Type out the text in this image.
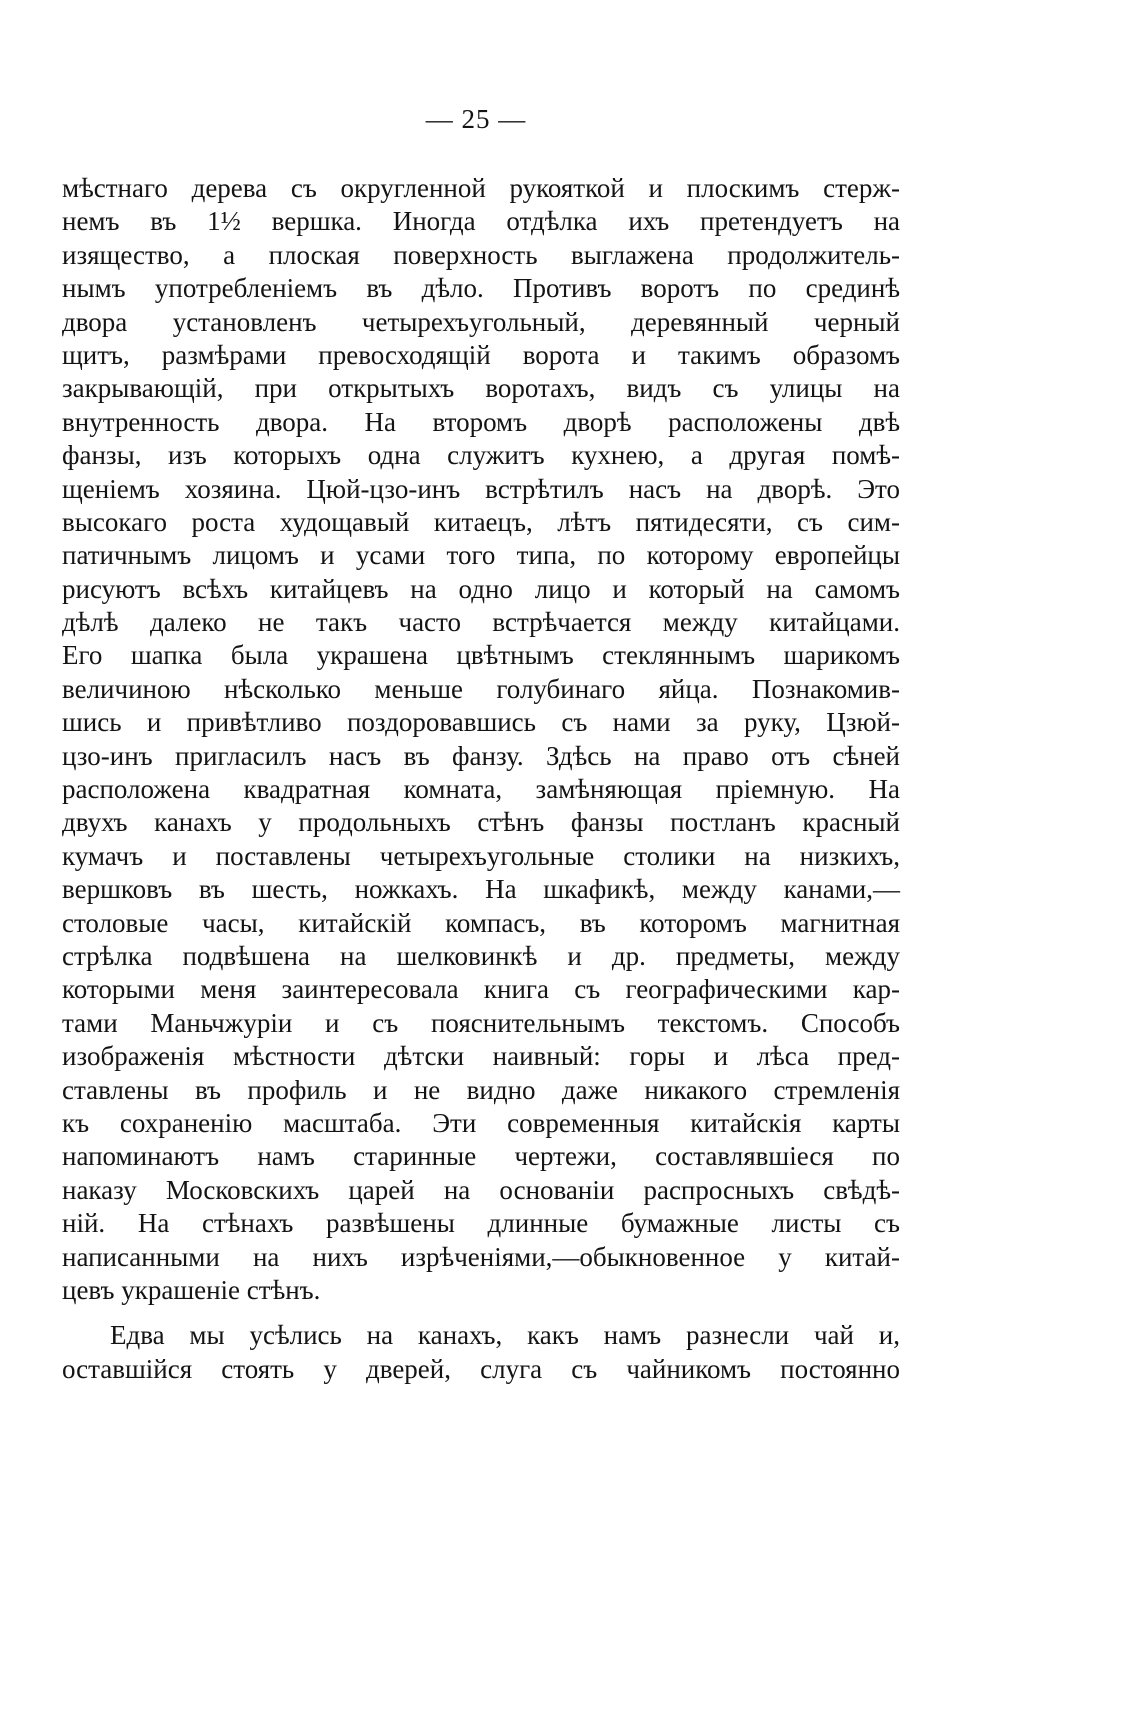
— 25 —
мѣстнаго дерева съ округленной рукояткой и плоскимъ стерж-
немъ въ 1½ вершка. Иногда отдѣлка ихъ претендуетъ на
изящество, а плоская поверхность выглажена продолжитель-
нымъ употребленіемъ въ дѣло. Противъ воротъ по срединѣ
двора установленъ четырехъугольный, деревянный черный
щитъ, размѣрами превосходящій ворота и такимъ образомъ
закрывающій, при открытыхъ воротахъ, видъ съ улицы на
внутренность двора. На второмъ дворѣ расположены двѣ
фанзы, изъ которыхъ одна служитъ кухнею, а другая помѣ-
щеніемъ хозяина. Цюй-цзо-инъ встрѣтилъ насъ на дворѣ. Это
высокаго роста худощавый китаецъ, лѣтъ пятидесяти, съ сим-
патичнымъ лицомъ и усами того типа, по которому европейцы
рисуютъ всѣхъ китайцевъ на одно лицо и который на самомъ
дѣлѣ далеко не такъ часто встрѣчается между китайцами.
Его шапка была украшена цвѣтнымъ стекляннымъ шарикомъ
величиною нѣсколько меньше голубинаго яйца. Познакомив-
шись и привѣтливо поздоровавшись съ нами за руку, Цзюй-
цзо-инъ пригласилъ насъ въ фанзу. Здѣсь на право отъ сѣней
расположена квадратная комната, замѣняющая пріемную. На
двухъ канахъ у продольныхъ стѣнъ фанзы постланъ красный
кумачъ и поставлены четырехъугольные столики на низкихъ,
вершковъ въ шесть, ножкахъ. На шкафикѣ, между канами,—
столовые часы, китайскій компасъ, въ которомъ магнитная
стрѣлка подвѣшена на шелковинкѣ и др. предметы, между
которыми меня заинтересовала книга съ географическими кар-
тами Маньчжуріи и съ пояснительнымъ текстомъ. Способъ
изображенія мѣстности дѣтски наивный: горы и лѣса пред-
ставлены въ профиль и не видно даже никакого стремленія
къ сохраненію масштаба. Эти современныя китайскія карты
напоминаютъ намъ старинные чертежи, составлявшіеся по
наказу Московскихъ царей на основаніи распросныхъ свѣдѣ-
ній. На стѣнахъ развѣшены длинные бумажные листы съ
написанными на нихъ изрѣченіями,—обыкновенное у китай-
цевъ украшеніе стѣнъ.
Едва мы усѣлись на канахъ, какъ намъ разнесли чай и,
оставшійся стоять у дверей, слуга съ чайникомъ постоянно
